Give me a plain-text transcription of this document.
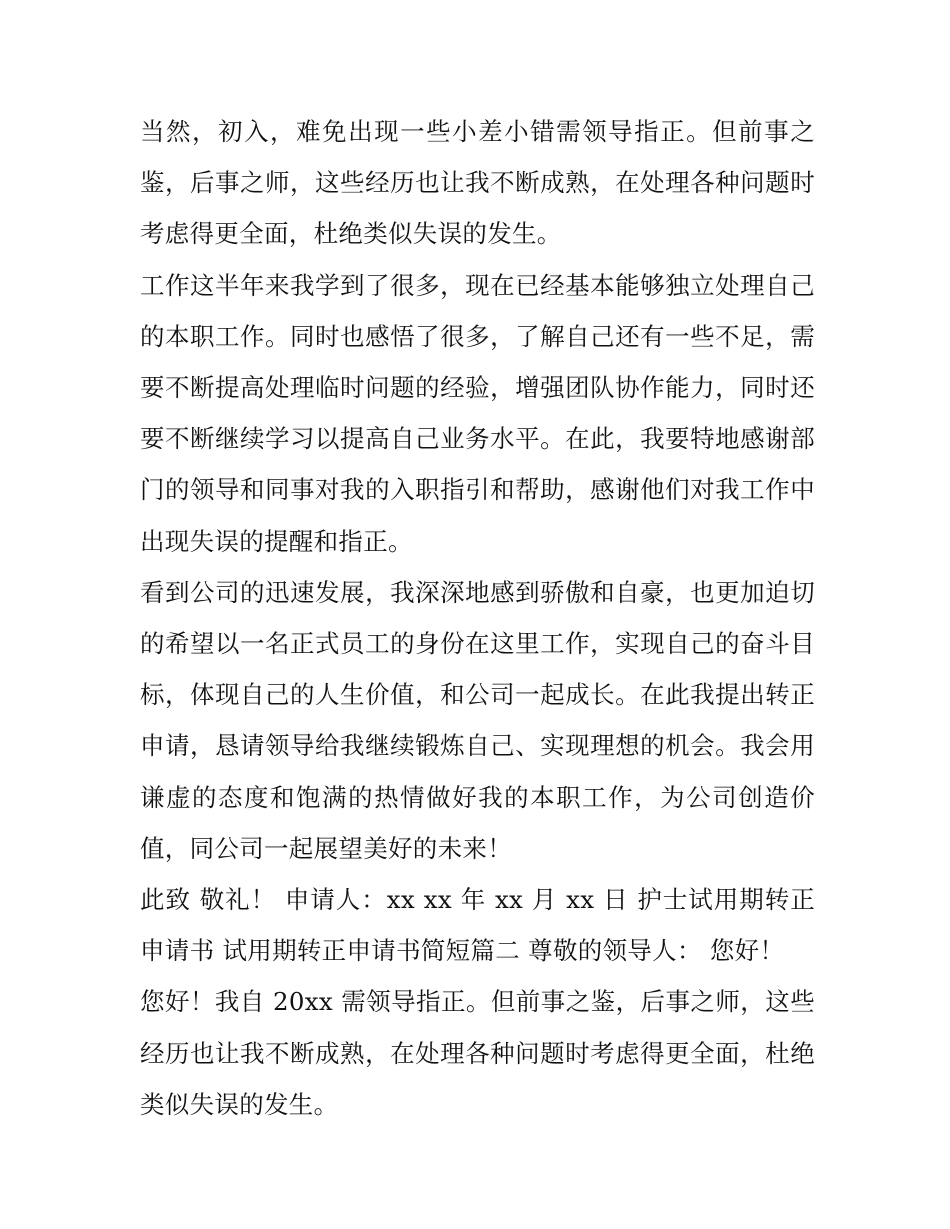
当然，初入，难免出现一些小差小错需领导指正。但前事之鉴，后事之师，这些经历也让我不断成熟，在处理各种问题时考虑得更全面，杜绝类似失误的发生。

工作这半年来我学到了很多，现在已经基本能够独立处理自己的本职工作。同时也感悟了很多，了解自己还有一些不足，需要不断提高处理临时问题的经验，增强团队协作能力，同时还要不断继续学习以提高自己业务水平。在此，我要特地感谢部门的领导和同事对我的入职指引和帮助，感谢他们对我工作中出现失误的提醒和指正。

看到公司的迅速发展，我深深地感到骄傲和自豪，也更加迫切的希望以一名正式员工的身份在这里工作，实现自己的奋斗目标，体现自己的人生价值，和公司一起成长。在此我提出转正申请，恳请领导给我继续锻炼自己、实现理想的机会。我会用谦虚的态度和饱满的热情做好我的本职工作，为公司创造价值，同公司一起展望美好的未来！

此致 敬礼！ 申请人：xx xx 年 xx 月 xx 日 护士试用期转正申请书 试用期转正申请书简短篇二 尊敬的领导人： 您好！

您好！我自 20xx 需领导指正。但前事之鉴，后事之师，这些经历也让我不断成熟，在处理各种问题时考虑得更全面，杜绝类似失误的发生。
